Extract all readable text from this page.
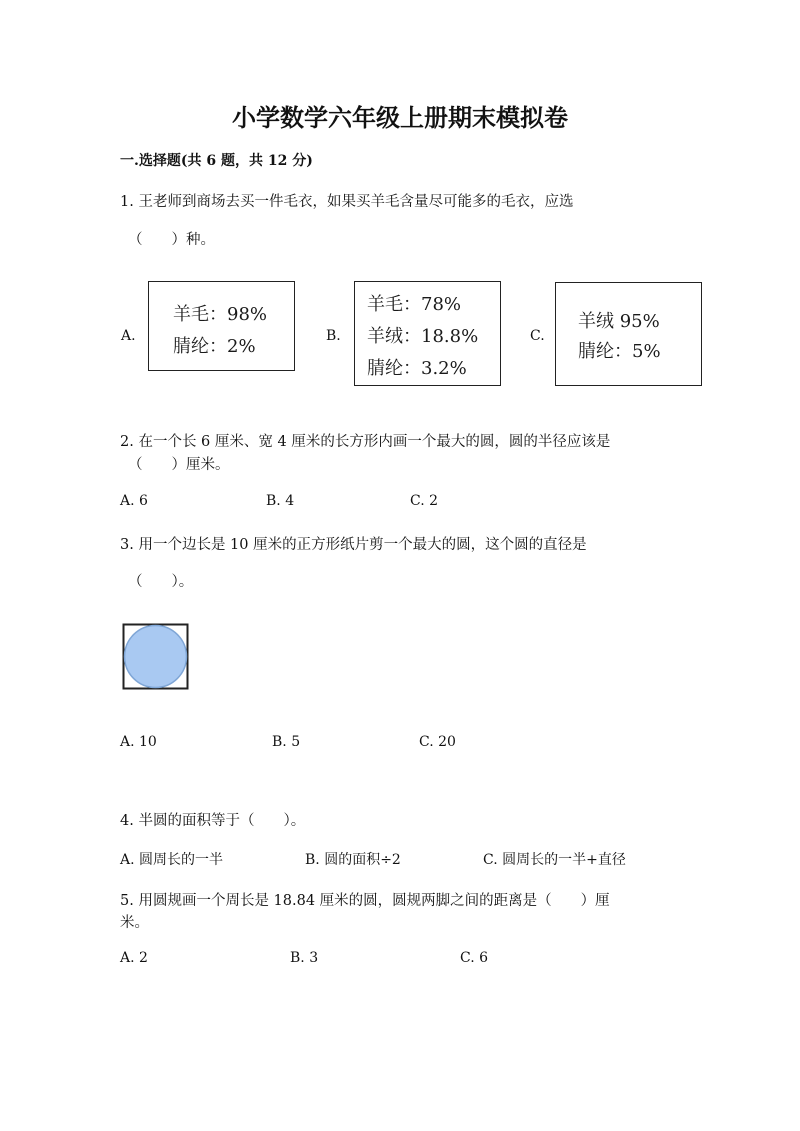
小学数学六年级上册期末模拟卷
一.选择题(共 6 题，共 12 分)
1. 王老师到商场去买一件毛衣，如果买羊毛含量尽可能多的毛衣，应选
（　　）种。
A.
羊毛：98%
腈纶：2%	B.
羊毛：78%
羊绒：18.8%
腈纶：3.2%
C.
羊绒 95%
腈纶：5%
2. 在一个长 6 厘米、宽 4 厘米的长方形内画一个最大的圆，圆的半径应该是
（　　）厘米。
A. 6	B. 4	C. 2
3. 用一个边长是 10 厘米的正方形纸片剪一个最大的圆，这个圆的直径是
（　　）。
A. 10	B. 5	C. 20
4. 半圆的面积等于（　　）。
A. 圆周长的一半	B. 圆的面积÷2	C. 圆周长的一半+直径
5. 用圆规画一个周长是 18.84 厘米的圆，圆规两脚之间的距离是（　　）厘
米。
A. 2	B. 3	C. 6
